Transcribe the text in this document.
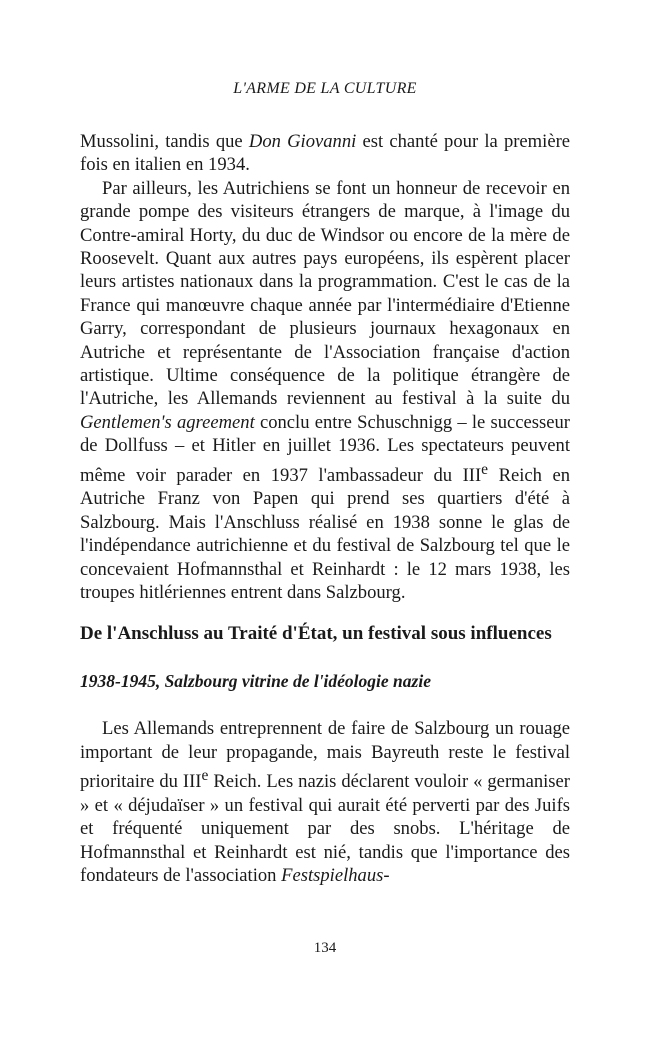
L'ARME DE LA CULTURE

Mussolini, tandis que Don Giovanni est chanté pour la première fois en italien en 1934.

Par ailleurs, les Autrichiens se font un honneur de recevoir en grande pompe des visiteurs étrangers de marque, à l'image du Contre-amiral Horty, du duc de Windsor ou encore de la mère de Roosevelt. Quant aux autres pays européens, ils espèrent placer leurs artistes nationaux dans la programmation. C'est le cas de la France qui manœuvre chaque année par l'intermédiaire d'Etienne Garry, correspondant de plusieurs journaux hexagonaux en Autriche et représentante de l'Association française d'action artistique. Ultime conséquence de la politique étrangère de l'Autriche, les Allemands reviennent au festival à la suite du Gentlemen's agreement conclu entre Schuschnigg – le successeur de Dollfuss – et Hitler en juillet 1936. Les spectateurs peuvent même voir parader en 1937 l'ambassadeur du IIIe Reich en Autriche Franz von Papen qui prend ses quartiers d'été à Salzbourg. Mais l'Anschluss réalisé en 1938 sonne le glas de l'indépendance autrichienne et du festival de Salzbourg tel que le concevaient Hofmannsthal et Reinhardt : le 12 mars 1938, les troupes hitlériennes entrent dans Salzbourg.

De l'Anschluss au Traité d'État, un festival sous influences
1938-1945, Salzbourg vitrine de l'idéologie nazie

Les Allemands entreprennent de faire de Salzbourg un rouage important de leur propagande, mais Bayreuth reste le festival prioritaire du IIIe Reich. Les nazis déclarent vouloir « germaniser » et « déjudaïser » un festival qui aurait été perverti par des Juifs et fréquenté uniquement par des snobs. L'héritage de Hofmannsthal et Reinhardt est nié, tandis que l'importance des fondateurs de l'association Festspielhaus-

134
